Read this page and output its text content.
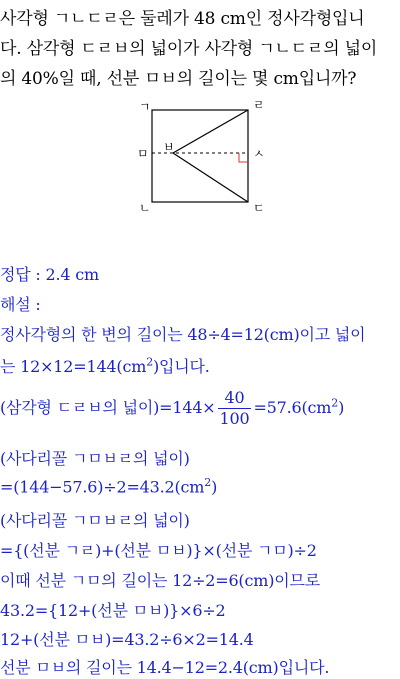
사각형 ㄱㄴㄷㄹ은 둘레가 48 cm인 정사각형입니
다. 삼각형 ㄷㄹㅂ의 넓이가 사각형 ㄱㄴㄷㄹ의 넓이
의 40%일 때, 선분 ㅁㅂ의 길이는 몇 cm입니까?
ㄱ	ㄹ
ㅁ ㅂ	ㅅ
ㄴ	ㄷ
정답 : 2.4 cm
해설 :
정사각형의 한 변의 길이는 48÷4=12(cm)이고 넓이
는 $12\times 12=144(cm^2)$입니다.
(삼각형 ㄷㄹㅂ의 넓이)$=144\times \frac{40}{100} =57.6(cm^2)$
(사다리꼴 ㄱㅁㅂㄹ의 넓이)
$=(144-57.6)\div 2=43.2(cm^2)$
(사다리꼴 ㄱㅁㅂㄹ의 넓이)
={(선분 ㄱㄹ)+(선분 ㅁㅂ)}×(선분 ㄱㅁ)÷2
이때 선분 ㄱㅁ의 길이는 12÷2=6(cm)이므로
43.2={12+(선분 ㅁㅂ)}×6÷2
12+(선분 ㅁㅂ)=43.2÷6×2=14.4
선분 ㅁㅂ의 길이는 14.4−12=2.4(cm)입니다.
